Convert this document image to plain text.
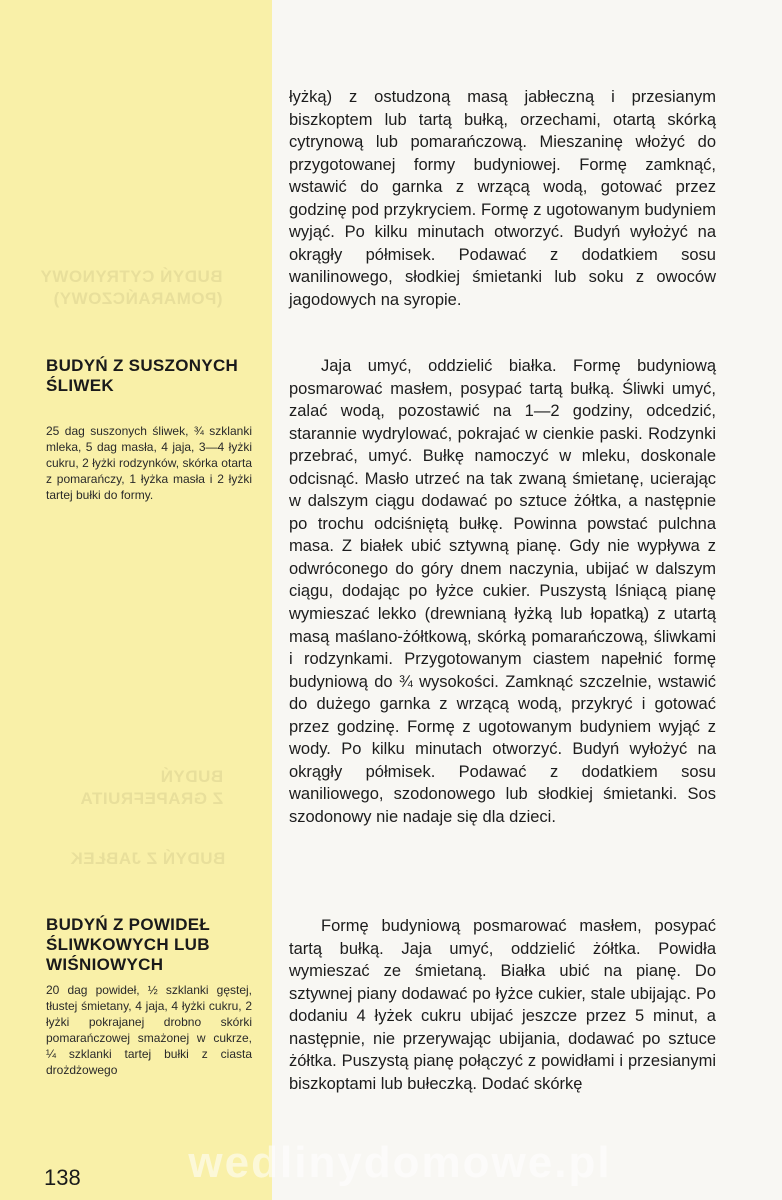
BUDYŃ CYTRYNOWY
(POMARAŃCZOWY)
BUDYŃ
Z GRAPEFRUITA
BUDYŃ Z JABŁEK
BUDYŃ Z SUSZONYCH ŚLIWEK

25 dag suszonych śliwek, ¾ szklanki mleka, 5 dag masła, 4 jaja, 3—4 łyżki cukru, 2 łyżki rodzynków, skórka otarta z pomarańczy, 1 łyżka masła i 2 łyżki tartej bułki do formy.

BUDYŃ Z POWIDEŁ ŚLIWKOWYCH LUB WIŚNIOWYCH

20 dag powideł, ½ szklanki gęstej, tłustej śmietany, 4 jaja, 4 łyżki cukru, 2 łyżki pokrajanej drobno skórki pomarańczowej smażonej w cukrze, ¼ szklanki tartej bułki z ciasta drożdżowego

łyżką) z ostudzoną masą jabłeczną i przesianym biszkoptem lub tartą bułką, orzechami, otartą skórką cytrynową lub pomarańczową. Mieszaninę włożyć do przygotowanej formy budyniowej. Formę zamknąć, wstawić do garnka z wrzącą wodą, gotować przez godzinę pod przykryciem. Formę z ugotowanym budyniem wyjąć. Po kilku minutach otworzyć. Budyń wyłożyć na okrągły półmisek. Podawać z dodatkiem sosu wanilinowego, słodkiej śmietanki lub soku z owoców jagodowych na syropie.

Jaja umyć, oddzielić białka. Formę budyniową posmarować masłem, posypać tartą bułką. Śliwki umyć, zalać wodą, pozostawić na 1—2 godziny, odcedzić, starannie wydrylować, pokrajać w cienkie paski. Rodzynki przebrać, umyć. Bułkę namoczyć w mleku, doskonale odcisnąć. Masło utrzeć na tak zwaną śmietanę, ucierając w dalszym ciągu dodawać po sztuce żółtka, a następnie po trochu odciśniętą bułkę. Powinna powstać pulchna masa. Z białek ubić sztywną pianę. Gdy nie wypływa z odwróconego do góry dnem naczynia, ubijać w dalszym ciągu, dodając po łyżce cukier. Puszystą lśniącą pianę wymieszać lekko (drewnianą łyżką lub łopatką) z utartą masą maślano-żółtkową, skórką pomarańczową, śliwkami i rodzynkami. Przygotowanym ciastem napełnić formę budyniową do ¾ wysokości. Zamknąć szczelnie, wstawić do dużego garnka z wrzącą wodą, przykryć i gotować przez godzinę. Formę z ugotowanym budyniem wyjąć z wody. Po kilku minutach otworzyć. Budyń wyłożyć na okrągły półmisek. Podawać z dodatkiem sosu waniliowego, szodonowego lub słodkiej śmietanki. Sos szodonowy nie nadaje się dla dzieci.

Formę budyniową posmarować masłem, posypać tartą bułką. Jaja umyć, oddzielić żółtka. Powidła wymieszać ze śmietaną. Białka ubić na pianę. Do sztywnej piany dodawać po łyżce cukier, stale ubijając. Po dodaniu 4 łyżek cukru ubijać jeszcze przez 5 minut, a następnie, nie przerywając ubijania, dodawać po sztuce żółtka. Puszystą pianę połączyć z powidłami i przesianymi biszkoptami lub bułeczką. Dodać skórkę

wedlinydomowe.pl
138
